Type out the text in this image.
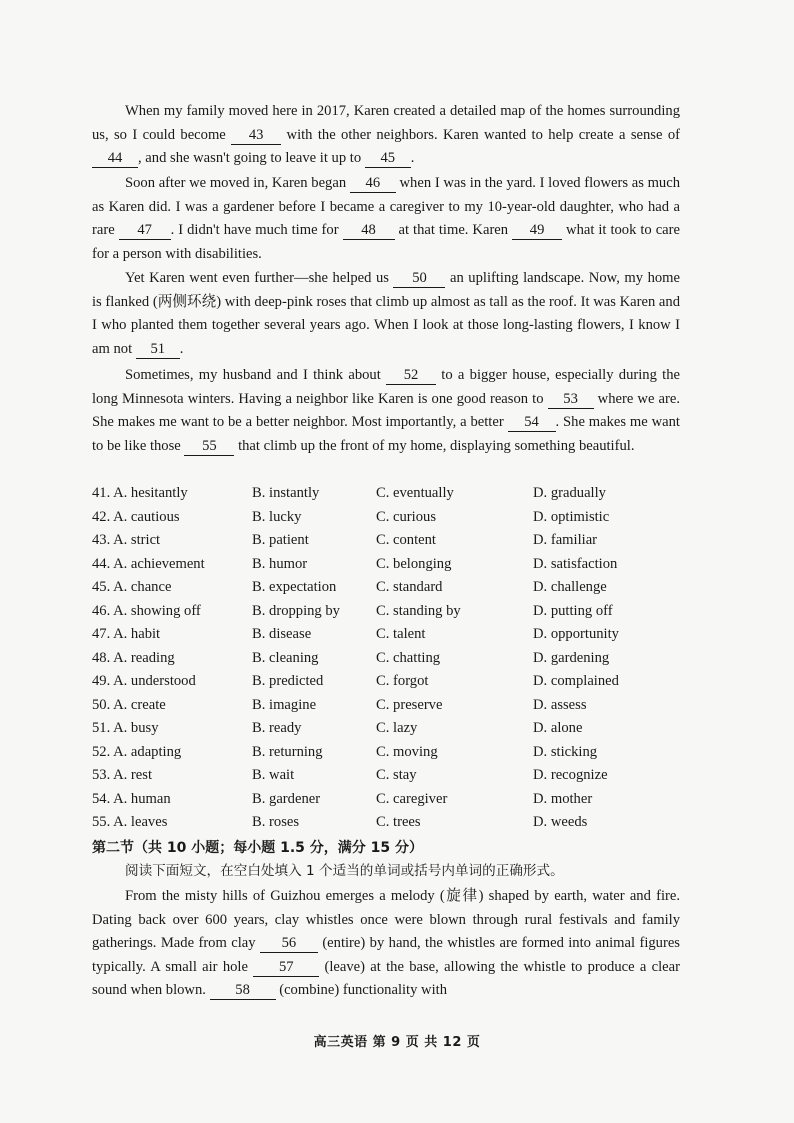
When my family moved here in 2017, Karen created a detailed map of the homes surrounding us, so I could become 43 with the other neighbors. Karen wanted to help create a sense of 44 , and she wasn't going to leave it up to 45 .

Soon after we moved in, Karen began 46 when I was in the yard. I loved flowers as much as Karen did. I was a gardener before I became a caregiver to my 10-year-old daughter, who had a rare 47 . I didn't have much time for 48 at that time. Karen 49 what it took to care for a person with disabilities.

Yet Karen went even further—she helped us 50 an uplifting landscape. Now, my home is flanked (两侧环绕) with deep-pink roses that climb up almost as tall as the roof. It was Karen and I who planted them together several years ago. When I look at those long-lasting flowers, I know I am not 51 .

Sometimes, my husband and I think about 52 to a bigger house, especially during the long Minnesota winters. Having a neighbor like Karen is one good reason to 53 where we are. She makes me want to be a better neighbor. Most importantly, a better 54 . She makes me want to be like those 55 that climb up the front of my home, displaying something beautiful.

41. A. hesitantly	B. instantly	C. eventually	D. gradually
42. A. cautious	B. lucky	C. curious	D. optimistic
43. A. strict	B. patient	C. content	D. familiar
44. A. achievement	B. humor	C. belonging	D. satisfaction
45. A. chance	B. expectation	C. standard	D. challenge
46. A. showing off	B. dropping by C. standing by	D. putting off
47. A. habit	B. disease	C. talent	D. opportunity
48. A. reading	B. cleaning	C. chatting	D. gardening
49. A. understood	B. predicted	C. forgot	D. complained
50. A. create	B. imagine	C. preserve	D. assess
51. A. busy	B. ready	C. lazy	D. alone
52. A. adapting	B. returning	C. moving	D. sticking
53. A. rest	B. wait	C. stay	D. recognize
54. A. human	B. gardener	C. caregiver	D. mother
55. A. leaves	B. roses	C. trees	D. weeds
第二节（共 10 小题；每小题 1.5 分，满分 15 分）
阅读下面短文，在空白处填入 1 个适当的单词或括号内单词的正确形式。

From the misty hills of Guizhou emerges a melody (旋律) shaped by earth, water and fire. Dating back over 600 years, clay whistles once were blown through rural festivals and family gatherings. Made from clay 56 (entire) by hand, the whistles are formed into animal figures typically. A small air hole 57 (leave) at the base, allowing the whistle to produce a clear sound when blown. 58 (combine) functionality with

高三英语 第 9 页 共 12 页
